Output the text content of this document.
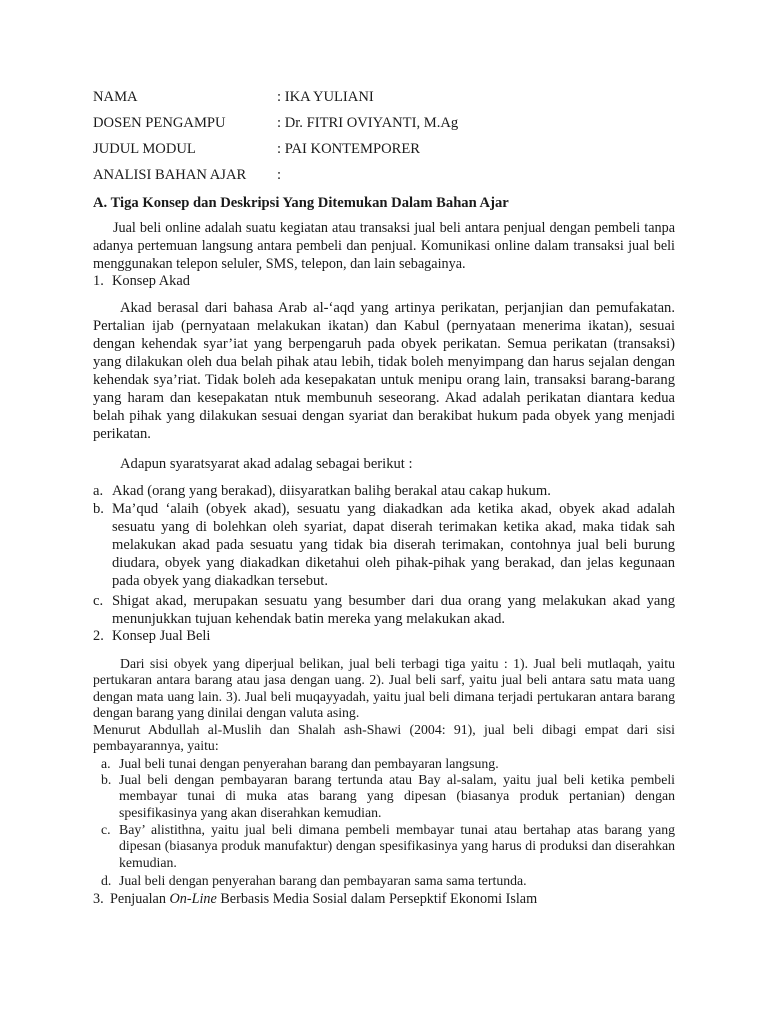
NAMA	: IKA YULIANI
DOSEN PENGAMPU	: Dr. FITRI OVIYANTI, M.Ag
JUDUL MODUL	: PAI KONTEMPORER
ANALISI BAHAN AJAR :
A. Tiga Konsep dan Deskripsi Yang Ditemukan Dalam Bahan Ajar
Jual beli online adalah suatu kegiatan atau transaksi jual beli antara penjual dengan pembeli tanpa adanya pertemuan langsung antara pembeli dan penjual. Komunikasi online dalam transaksi jual beli menggunakan telepon seluler, SMS, telepon, dan lain sebagainya.
1. Konsep Akad
Akad berasal dari bahasa Arab al-‘aqd yang artinya perikatan, perjanjian dan pemufakatan. Pertalian ijab (pernyataan melakukan ikatan) dan Kabul (pernyataan menerima ikatan), sesuai dengan kehendak syar’iat yang berpengaruh pada obyek perikatan. Semua perikatan (transaksi) yang dilakukan oleh dua belah pihak atau lebih, tidak boleh menyimpang dan harus sejalan dengan kehendak sya’riat. Tidak boleh ada kesepakatan untuk menipu orang lain, transaksi barang-barang yang haram dan kesepakatan ntuk membunuh seseorang. Akad adalah perikatan diantara kedua belah pihak yang dilakukan sesuai dengan syariat dan berakibat hukum pada obyek yang menjadi perikatan.
Adapun syaratsyarat akad adalag sebagai berikut :
a. Akad (orang yang berakad), diisyaratkan balihg berakal atau cakap hukum.
b. Ma’qud ‘alaih (obyek akad), sesuatu yang diakadkan ada ketika akad, obyek akad adalah sesuatu yang di bolehkan oleh syariat, dapat diserah terimakan ketika akad, maka tidak sah melakukan akad pada sesuatu yang tidak bia diserah terimakan, contohnya jual beli burung diudara, obyek yang diakadkan diketahui oleh pihak-pihak yang berakad, dan jelas kegunaan pada obyek yang diakadkan tersebut.
c. Shigat akad, merupakan sesuatu yang besumber dari dua orang yang melakukan akad yang menunjukkan tujuan kehendak batin mereka yang melakukan akad.
2. Konsep Jual Beli
Dari sisi obyek yang diperjual belikan, jual beli terbagi tiga yaitu : 1). Jual beli mutlaqah, yaitu pertukaran antara barang atau jasa dengan uang. 2). Jual beli sarf, yaitu jual beli antara satu mata uang dengan mata uang lain. 3). Jual beli muqayyadah, yaitu jual beli dimana terjadi pertukaran antara barang dengan barang yang dinilai dengan valuta asing.
Menurut Abdullah al-Muslih dan Shalah ash-Shawi (2004: 91), jual beli dibagi empat dari sisi pembayarannya, yaitu:
a. Jual beli tunai dengan penyerahan barang dan pembayaran langsung.
b. Jual beli dengan pembayaran barang tertunda atau Bay al-salam, yaitu jual beli ketika pembeli membayar tunai di muka atas barang yang dipesan (biasanya produk pertanian) dengan spesifikasinya yang akan diserahkan kemudian.
c. Bay’ alistithna, yaitu jual beli dimana pembeli membayar tunai atau bertahap atas barang yang dipesan (biasanya produk manufaktur) dengan spesifikasinya yang harus di produksi dan diserahkan kemudian.
d. Jual beli dengan penyerahan barang dan pembayaran sama sama tertunda.
3. Penjualan On-Line Berbasis Media Sosial dalam Persepktif Ekonomi Islam
